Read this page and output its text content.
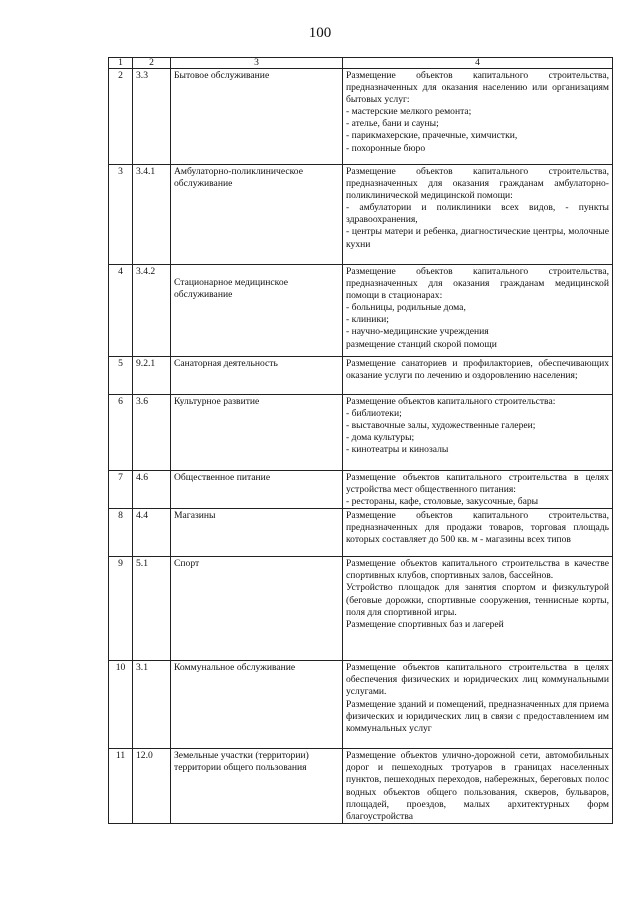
100
1	2	3	4
2	3.3	Бытовое обслуживание	Размещение объектов капитального строительства, предназначенных для оказания населению или организациям бытовых услуг:
- мастерские мелкого ремонта;
- ателье, бани и сауны;
- парикмахерские, прачечные, химчистки,
- похоронные бюро

3	3.4.1	Амбулаторно-поликлиническое обслуживание	Размещение объектов капитального строительства, предназначенных для оказания гражданам амбулаторно-поликлинической медицинской помощи:
- амбулатории и поликлиники всех видов, - пункты здравоохранения,
- центры матери и ребенка, диагностические центры, молочные кухни

4	3.4.2	Стационарное медицинское обслуживание	Размещение объектов капитального строительства, предназначенных для оказания гражданам медицинской помощи в стационарах:
- больницы, родильные дома,
- клиники;
- научно-медицинские учреждения
размещение станций скорой помощи

5	9.2.1	Санаторная деятельность	Размещение санаториев и профилакториев, обеспечивающих оказание услуги по лечению и оздоровлению населения;

6	3.6	Культурное развитие	Размещение объектов капитального строительства:
- библиотеки;
- выставочные залы, художественные галереи;
- дома культуры;
- кинотеатры и кинозалы

7	4.6	Общественное питание	Размещение объектов капитального строительства в целях устройства мест общественного питания:
- рестораны, кафе, столовые, закусочные, бары

8	4.4	Магазины	Размещение объектов капитального строительства, предназначенных для продажи товаров, торговая площадь которых составляет до 500 кв. м - магазины всех типов

9	5.1	Спорт	Размещение объектов капитального строительства в качестве спортивных клубов, спортивных залов, бассейнов.
Устройство площадок для занятия спортом и физкультурой (беговые дорожки, спортивные сооружения, теннисные корты, поля для спортивной игры.
Размещение спортивных баз и лагерей

10	3.1	Коммунальное обслуживание	Размещение объектов капитального строительства в целях обеспечения физических и юридических лиц коммунальными услугами.
Размещение зданий и помещений, предназначенных для приема физических и юридических лиц в связи с предоставлением им коммунальных услуг

11	12.0	Земельные участки (территории) территории общего пользования	Размещение объектов улично-дорожной сети, автомобильных дорог и пешеходных тротуаров в границах населенных пунктов, пешеходных переходов, набережных, береговых полос водных объектов общего пользования, скверов, бульваров, площадей, проездов, малых архитектурных форм благоустройства
